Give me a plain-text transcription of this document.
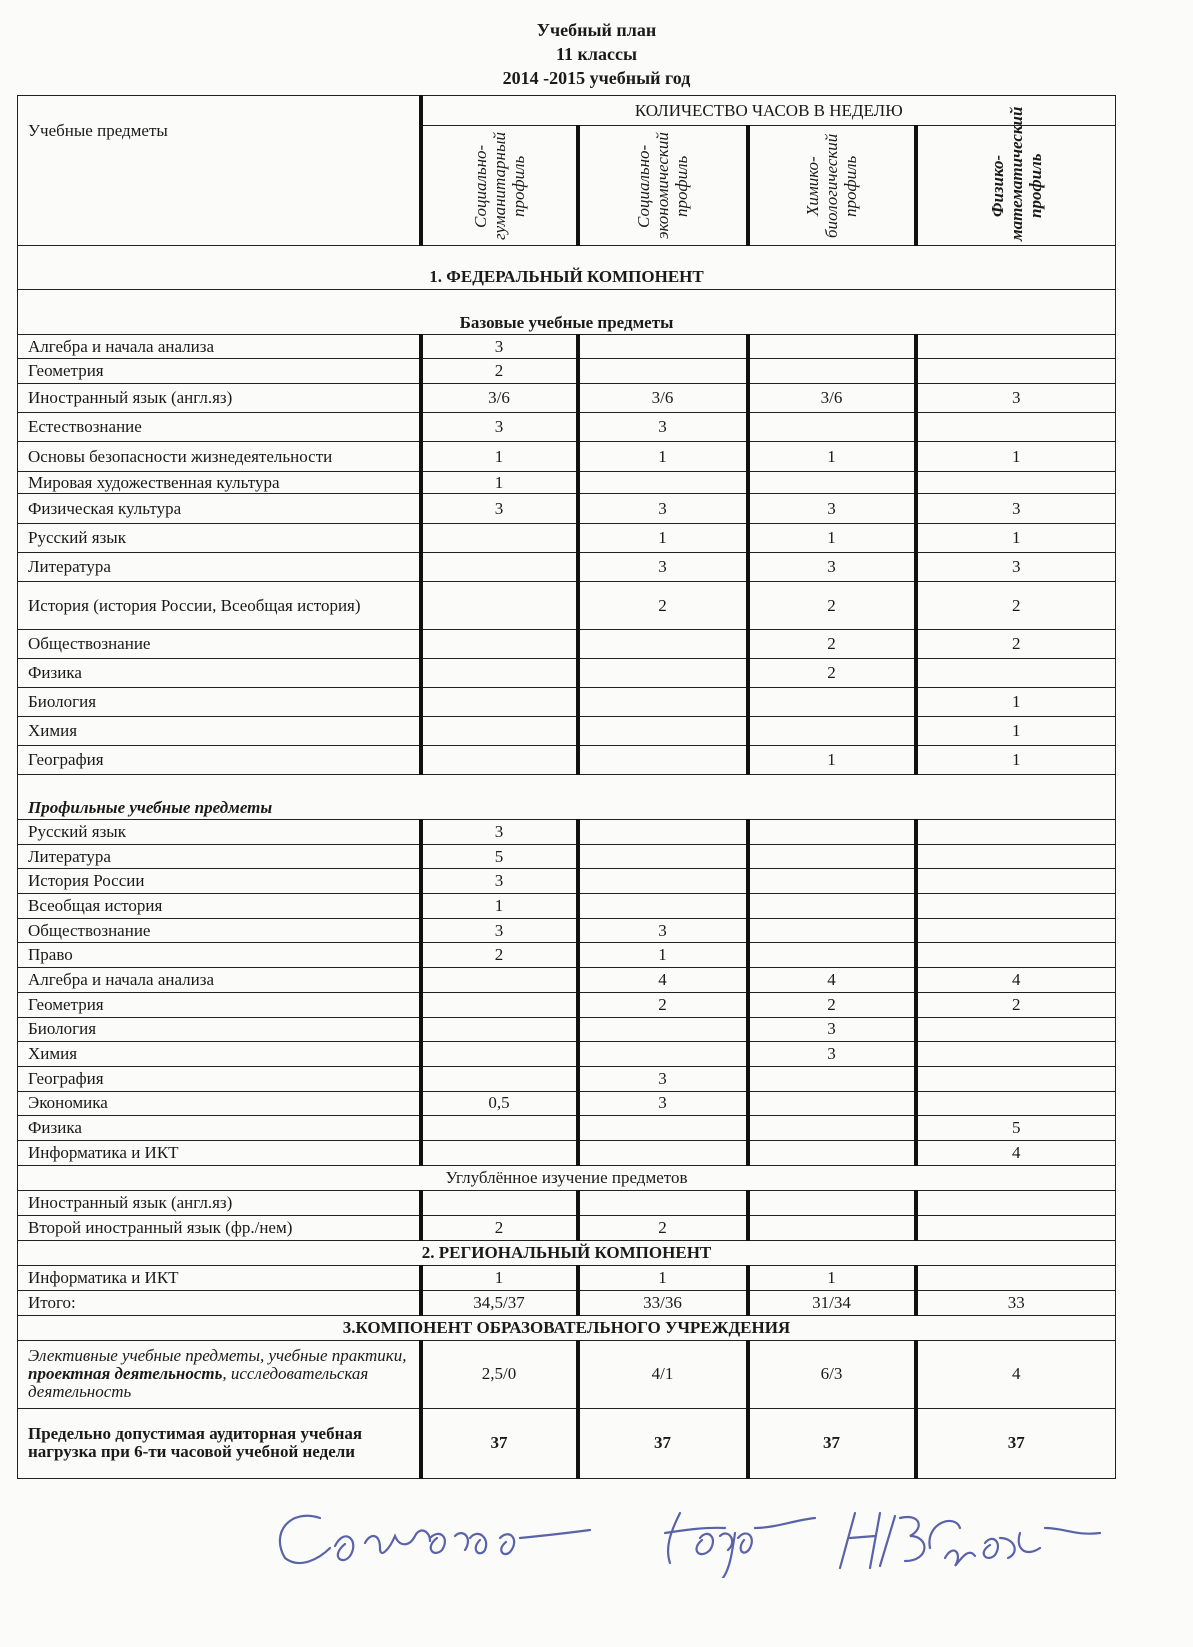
Учебный план
11 классы
2014 -2015 учебный год
Учебные предметы	КОЛИЧЕСТВО ЧАСОВ В НЕДЕЛЮ			

	Социально-гуманитарный профиль	Социально-экономический профиль	Химико-биологический профиль	Физико-математический профиль

1. ФЕДЕРАЛЬНЫЙ КОМПОНЕНТ				
Базовые учебные предметы				
Алгебра и начала анализа	3			
Геометрия	2			
Иностранный язык (англ.яз)	3/6	3/6	3/6	3
Естествознание	3	3		
Основы безопасности жизнедеятельности	1	1	1	1
Мировая художественная культура	1			
Физическая культура	3	3	3	3
Русский язык		1	1	1
Литература		3	3	3
История (история России, Всеобщая история)		2	2	2
Обществознание			2	2
Физика			2	
Биология				1
Химия				1
География			1	1
Профильные учебные предметы				
Русский язык	3			
Литература	5			
История России	3			
Всеобщая история	1			
Обществознание	3	3		
Право	2	1		
Алгебра и начала анализа		4	4	4
Геометрия		2	2	2
Биология			3	
Химия			3	
География		3		
Экономика	0,5	3		
Физика				5
Информатика и ИКТ				4
Углублённое изучение предметов				
Иностранный язык (англ.яз)				
Второй иностранный язык (фр./нем)	2	2		
2. РЕГИОНАЛЬНЫЙ КОМПОНЕНТ				
Информатика и ИКТ	1	1	1	
Итого:	34,5/37	33/36	31/34	33
3.КОМПОНЕНТ ОБРАЗОВАТЕЛЬНОГО УЧРЕЖДЕНИЯ				
Элективные учебные предметы, учебные практики, проектная деятельность, исследовательская деятельность	2,5/0	4/1	6/3	4
Предельно допустимая аудиторная учебная нагрузка при 6-ти часовой учебной недели	37	37	37	37
